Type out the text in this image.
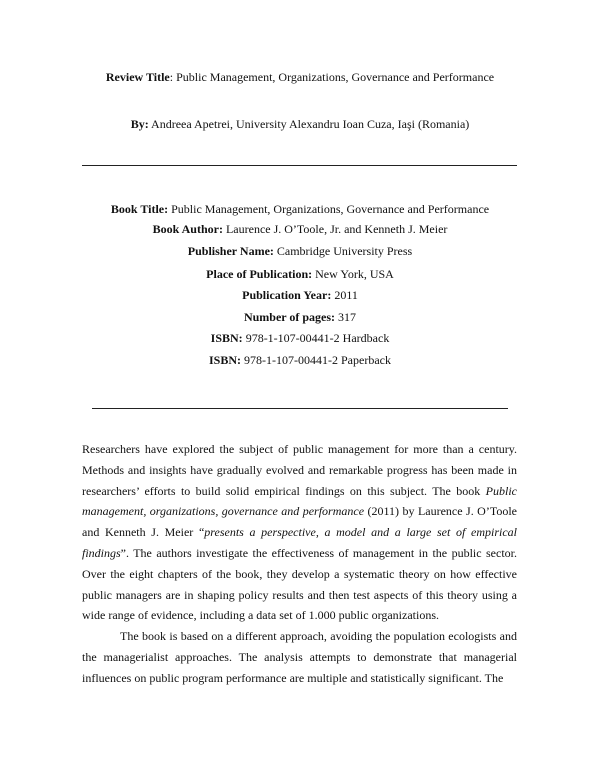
Review Title: Public Management, Organizations, Governance and Performance
By: Andreea Apetrei, University Alexandru Ioan Cuza, Iaşi (Romania)
Book Title: Public Management, Organizations, Governance and Performance
Book Author: Laurence J. O’Toole, Jr. and Kenneth J. Meier
Publisher Name: Cambridge University Press
Place of Publication: New York, USA
Publication Year: 2011
Number of pages: 317
ISBN: 978-1-107-00441-2 Hardback
ISBN: 978-1-107-00441-2 Paperback

Researchers have explored the subject of public management for more than a century. Methods and insights have gradually evolved and remarkable progress has been made in researchers’ efforts to build solid empirical findings on this subject. The book Public management, organizations, governance and performance (2011) by Laurence J. O’Toole and Kenneth J. Meier “presents a perspective, a model and a large set of empirical findings”. The authors investigate the effectiveness of management in the public sector. Over the eight chapters of the book, they develop a systematic theory on how effective public managers are in shaping policy results and then test aspects of this theory using a wide range of evidence, including a data set of 1.000 public organizations.

The book is based on a different approach, avoiding the population ecologists and the managerialist approaches. The analysis attempts to demonstrate that managerial influences on public program performance are multiple and statistically significant. The
